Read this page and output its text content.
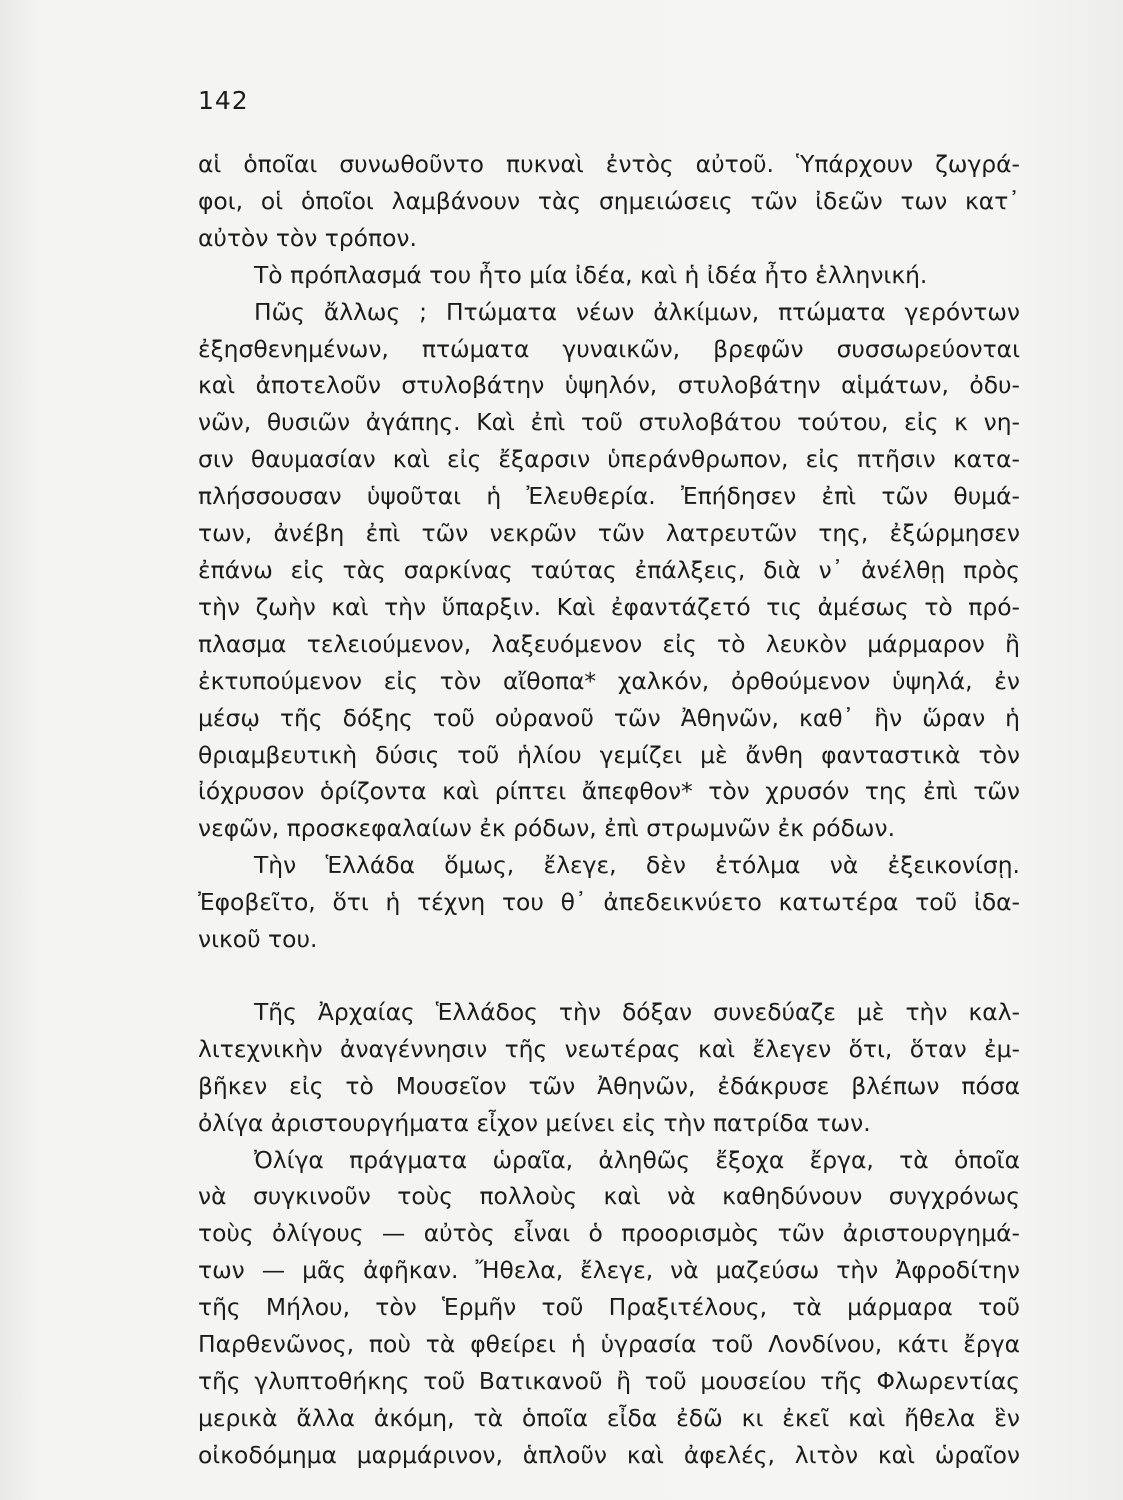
142

αἱ ὁποῖαι συνωθοῦντο πυκναὶ ἐντὸς αὐτοῦ. Ὑπάρχουν ζωγρά-
φοι, οἱ ὁποῖοι λαμβάνουν τὰς σημειώσεις τῶν ἰδεῶν των κατ᾿
αὐτὸν τὸν τρόπον.

Τὸ πρόπλασμά του ἦτο μία ἰδέα, καὶ ἡ ἰδέα ἦτο ἑλληνική.

Πῶς ἄλλως ; Πτώματα νέων ἀλκίμων, πτώματα γερόντων
ἐξησθενημένων, πτώματα γυναικῶν, βρεφῶν συσσωρεύονται
καὶ ἀποτελοῦν στυλοβάτην ὑψηλόν, στυλοβάτην αἱμάτων, ὀδυ-
νῶν, θυσιῶν ἀγάπης. Καὶ ἐπὶ τοῦ στυλοβάτου τούτου, εἰς κ νη-
σιν θαυμασίαν καὶ εἰς ἔξαρσιν ὑπεράνθρωπον, εἰς πτῆσιν κατα-
πλήσσουσαν ὑψοῦται ἡ Ἐλευθερία. Ἐπήδησεν ἐπὶ τῶν θυμά-
των, ἀνέβη ἐπὶ τῶν νεκρῶν τῶν λατρευτῶν της, ἐξώρμησεν
ἐπάνω εἰς τὰς σαρκίνας ταύτας ἐπάλξεις, διὰ ν᾿ ἀνέλθῃ πρὸς
τὴν ζωὴν καὶ τὴν ὕπαρξιν. Καὶ ἐφαντάζετό τις ἀμέσως τὸ πρό-
πλασμα τελειούμενον, λαξευόμενον εἰς τὸ λευκὸν μάρμαρον ἢ
ἐκτυπούμενον εἰς τὸν αἴθοπα* χαλκόν, ὀρθούμενον ὑψηλά, ἐν
μέσῳ τῆς δόξης τοῦ οὐρανοῦ τῶν Ἀθηνῶν, καθ᾿ ἣν ὥραν ἡ
θριαμβευτικὴ δύσις τοῦ ἡλίου γεμίζει μὲ ἄνθη φανταστικὰ τὸν
ἰόχρυσον ὁρίζοντα καὶ ρίπτει ἄπεφθον* τὸν χρυσόν της ἐπὶ τῶν
νεφῶν, προσκεφαλαίων ἐκ ρόδων, ἐπὶ στρωμνῶν ἐκ ρόδων.

Τὴν Ἑλλάδα ὅμως, ἔλεγε, δὲν ἐτόλμα νὰ ἐξεικονίσῃ.
Ἐφοβεῖτο, ὅτι ἡ τέχνη του θ᾿ ἀπεδεικνύετο κατωτέρα τοῦ ἰδα-
νικοῦ του.

Τῆς Ἀρχαίας Ἑλλάδος τὴν δόξαν συνεδύαζε μὲ τὴν καλ-
λιτεχνικὴν ἀναγέννησιν τῆς νεωτέρας καὶ ἔλεγεν ὅτι, ὅταν ἐμ-
βῆκεν εἰς τὸ Μουσεῖον τῶν Ἀθηνῶν, ἐδάκρυσε βλέπων πόσα
ὀλίγα ἀριστουργήματα εἶχον μείνει εἰς τὴν πατρίδα των.

Ὀλίγα πράγματα ὡραῖα, ἀληθῶς ἔξοχα ἔργα, τὰ ὁποῖα
νὰ συγκινοῦν τοὺς πολλοὺς καὶ νὰ καθηδύνουν συγχρόνως
τοὺς ὀλίγους — αὐτὸς εἶναι ὁ προορισμὸς τῶν ἀριστουργημά-
των — μᾶς ἀφῆκαν. Ἤθελα, ἔλεγε, νὰ μαζεύσω τὴν Ἀφροδίτην
τῆς Μήλου, τὸν Ἑρμῆν τοῦ Πραξιτέλους, τὰ μάρμαρα τοῦ
Παρθενῶνος, ποὺ τὰ φθείρει ἡ ὑγρασία τοῦ Λονδίνου, κάτι ἔργα
τῆς γλυπτοθήκης τοῦ Βατικανοῦ ἢ τοῦ μουσείου τῆς Φλωρεντίας
μερικὰ ἄλλα ἀκόμη, τὰ ὁποῖα εἶδα ἐδῶ κι ἐκεῖ καὶ ἤθελα ἓν
οἰκοδόμημα μαρμάρινον, ἁπλοῦν καὶ ἀφελές, λιτὸν καὶ ὡραῖον
